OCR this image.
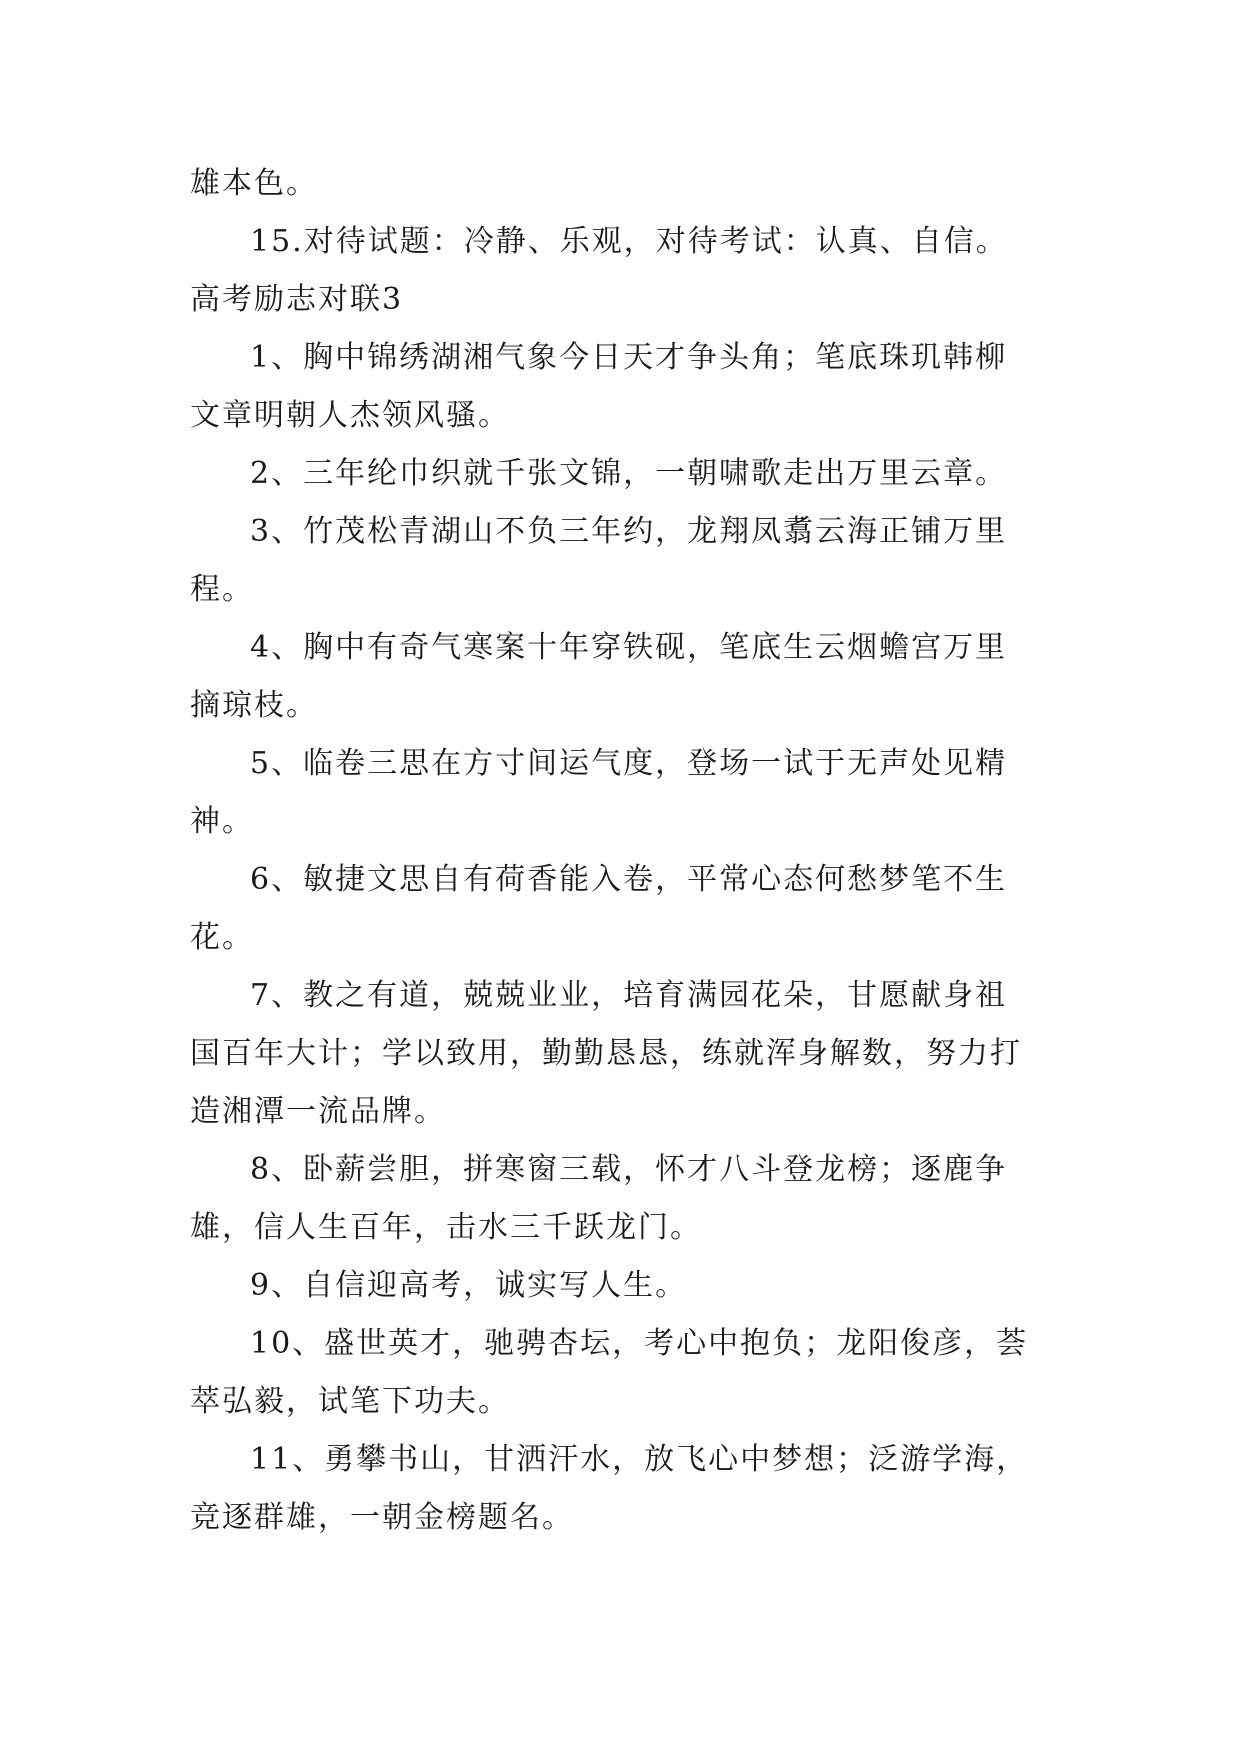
雄本色。
15.对待试题：冷静、乐观，对待考试：认真、自信。
高考励志对联3
1、胸中锦绣湖湘气象今日天才争头角；笔底珠玑韩柳
文章明朝人杰领风骚。
2、三年纶巾织就千张文锦，一朝啸歌走出万里云章。
3、竹茂松青湖山不负三年约，龙翔凤翥云海正铺万里
程。
4、胸中有奇气寒案十年穿铁砚，笔底生云烟蟾宫万里
摘琼枝。
5、临卷三思在方寸间运气度，登场一试于无声处见精
神。
6、敏捷文思自有荷香能入卷，平常心态何愁梦笔不生
花。
7、教之有道，兢兢业业，培育满园花朵，甘愿献身祖
国百年大计；学以致用，勤勤恳恳，练就浑身解数，努力打
造湘潭一流品牌。
8、卧薪尝胆，拼寒窗三载，怀才八斗登龙榜；逐鹿争
雄，信人生百年，击水三千跃龙门。
9、自信迎高考，诚实写人生。
10、盛世英才，驰骋杏坛，考心中抱负；龙阳俊彦，荟
萃弘毅，试笔下功夫。
11、勇攀书山，甘洒汗水，放飞心中梦想；泛游学海，
竞逐群雄，一朝金榜题名。
